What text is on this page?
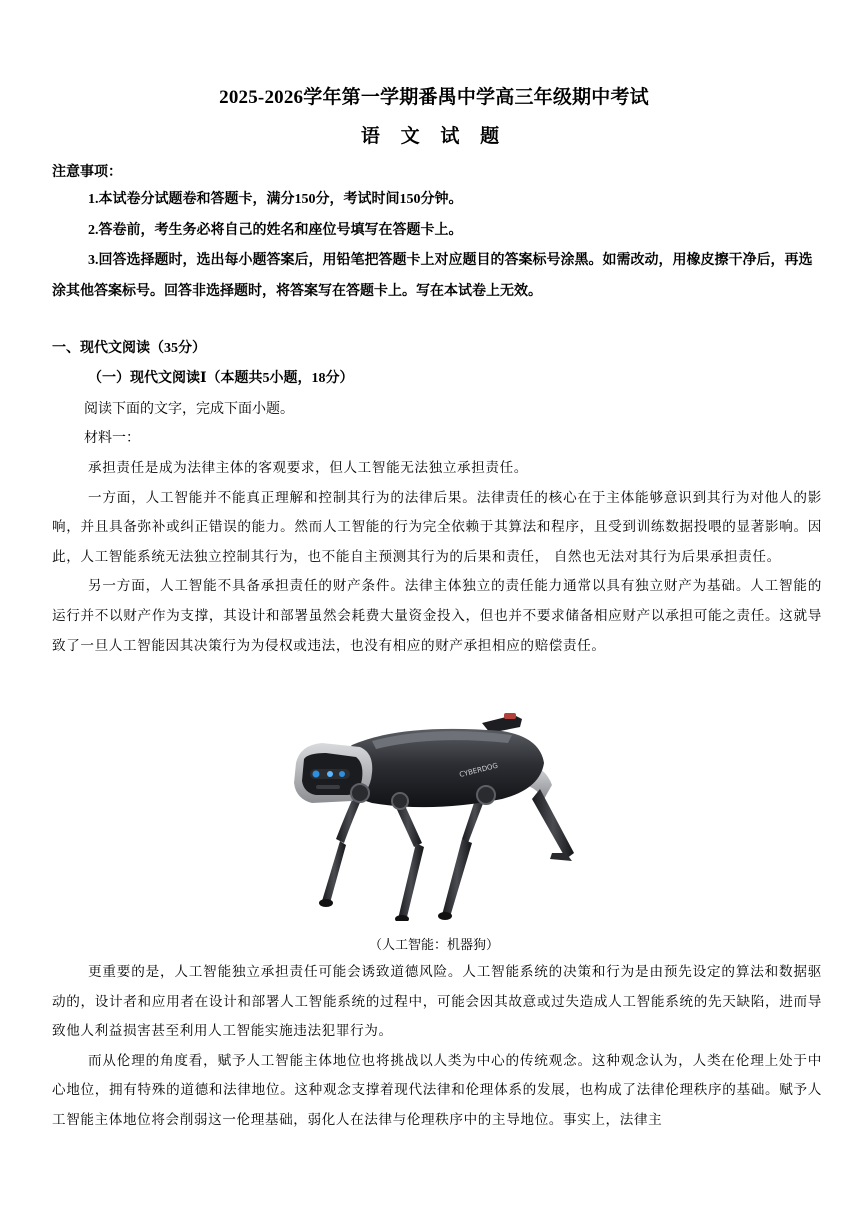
2025-2026学年第一学期番禺中学高三年级期中考试
语 文 试 题
注意事项：

1.本试卷分试题卷和答题卡，满分150分，考试时间150分钟。

2.答卷前，考生务必将自己的姓名和座位号填写在答题卡上。

3.回答选择题时，选出每小题答案后，用铅笔把答题卡上对应题目的答案标号涂黑。如需改动，用橡皮擦干净后，再选涂其他答案标号。回答非选择题时，将答案写在答题卡上。写在本试卷上无效。

一、现代文阅读（35分）
（一）现代文阅读Ⅰ（本题共5小题，18分）
阅读下面的文字，完成下面小题。
材料一：

承担责任是成为法律主体的客观要求，但人工智能无法独立承担责任。

一方面，人工智能并不能真正理解和控制其行为的法律后果。法律责任的核心在于主体能够意识到其行为对他人的影响，并且具备弥补或纠正错误的能力。然而人工智能的行为完全依赖于其算法和程序，且受到训练数据投喂的显著影响。因此，人工智能系统无法独立控制其行为，也不能自主预测其行为的后果和责任， 自然也无法对其行为后果承担责任。

另一方面，人工智能不具备承担责任的财产条件。法律主体独立的责任能力通常以具有独立财产为基础。人工智能的运行并不以财产作为支撑，其设计和部署虽然会耗费大量资金投入，但也并不要求储备相应财产以承担可能之责任。这就导致了一旦人工智能因其决策行为为侵权或违法，也没有相应的财产承担相应的赔偿责任。

CYBERDOG
（人工智能：机器狗）

更重要的是，人工智能独立承担责任可能会诱致道德风险。人工智能系统的决策和行为是由预先设定的算法和数据驱动的，设计者和应用者在设计和部署人工智能系统的过程中，可能会因其故意或过失造成人工智能系统的先天缺陷，进而导致他人利益损害甚至利用人工智能实施违法犯罪行为。

而从伦理的角度看，赋予人工智能主体地位也将挑战以人类为中心的传统观念。这种观念认为，人类在伦理上处于中心地位，拥有特殊的道德和法律地位。这种观念支撑着现代法律和伦理体系的发展，也构成了法律伦理秩序的基础。赋予人工智能主体地位将会削弱这一伦理基础，弱化人在法律与伦理秩序中的主导地位。事实上，法律主
